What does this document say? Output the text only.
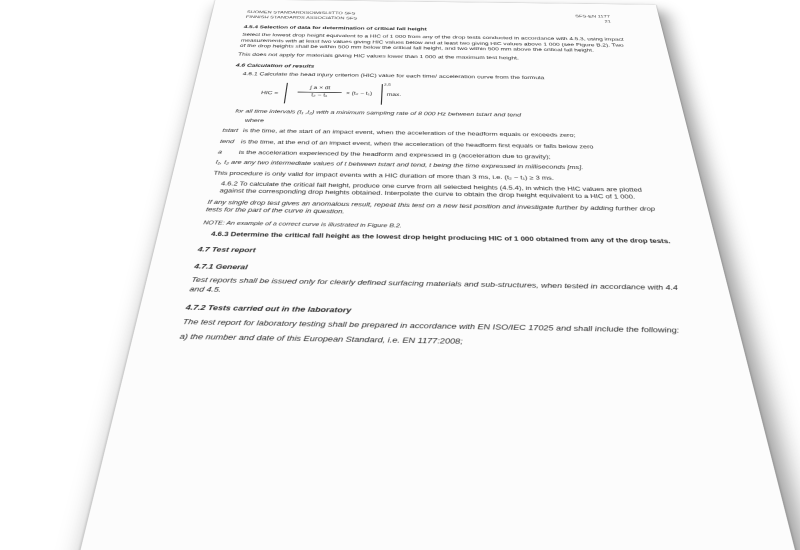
SUOMEN STANDARDISOIMISLIITTO SFS
FINNISH STANDARDS ASSOCIATION SFS	SFS-EN 1177
21
4.5.4 Selection of data for determination of critical fall height
Select the lowest drop height equivalent to a HIC of 1 000 from any of the drop tests conducted in accordance with 4.5.3, using impact measurements with at least two values giving HIC values below and at least two giving HIC values above 1 000 (see Figure B.2). Two of the drop heights shall be within 500 mm below the critical fall height, and two within 500 mm above the critical fall height.
This does not apply for materials giving HIC values lower than 1 000 at the maximum test height.
4.6 Calculation of results
4.6.1 Calculate the head injury criterion (HIC) value for each time/ acceleration curve from the formula
HIC =	$\frac{\int a \times dt}{\text{t₂ − t₁}} \times (t_2 - t_1)$
2,5
max.
for all time intervals (t₁ ,t₂) with a minimum sampling rate of 8 000 Hz between tstart and tend
where
tstart is the time, at the start of an impact event, when the acceleration of the headform equals or exceeds zero;
tend is the time, at the end of an impact event, when the acceleration of the headform first equals or falls below zero
a	is the acceleration experienced by the headform and expressed in g (acceleration due to gravity);
t₁, t₂ are any two intermediate values of t between tstart and tend, t being the time expressed in milliseconds [ms].
This procedure is only valid for impact events with a HIC duration of more than 3 ms, i.e. (t₂ − t₁) ≥ 3 ms.
4.6.2 To calculate the critical fall height, produce one curve from all selected heights (4.5.4), in which the HIC values are plotted against the corresponding drop heights obtained. Interpolate the curve to obtain the drop height equivalent to a HIC of 1 000.
If any single drop test gives an anomalous result, repeat this test on a new test position and investigate further by adding further drop tests for the part of the curve in question.
NOTE: An example of a correct curve is illustrated in Figure B.2.
4.6.3 Determine the critical fall height as the lowest drop height producing HIC of 1 000 obtained from any of the drop tests.
4.7 Test report
4.7.1 General
Test reports shall be issued only for clearly defined surfacing materials and sub-structures, when tested in accordance with 4.4 and 4.5.
4.7.2 Tests carried out in the laboratory
The test report for laboratory testing shall be prepared in accordance with EN ISO/IEC 17025 and shall include the following:
a) the number and date of this European Standard, i.e. EN 1177:2008;
